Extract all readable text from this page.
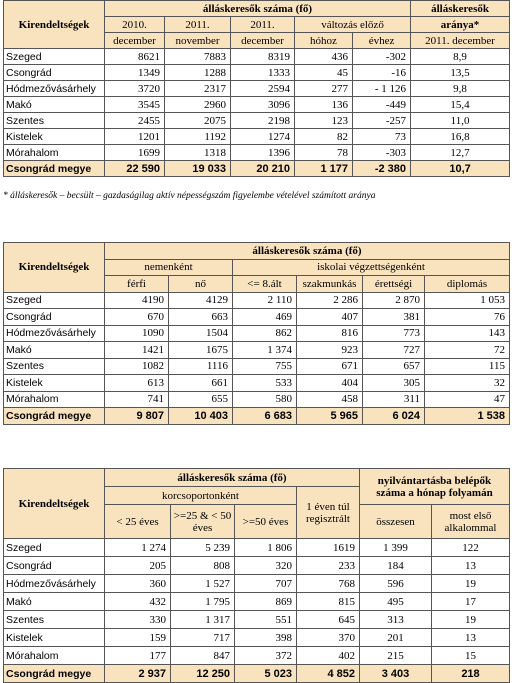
Kirendeltségek	álláskeresők száma (fő)					álláskeresők
	2010.	2011.	2011.	változás előző		aránya*
	december	november	december	hóhoz	évhez	2011. december
Szeged	8621	7883	8319	436	-302	8,9
Csongrád	1349	1288	1333	45	-16	13,5
Hódmezővásárhely	3720	2317	2594	277	- 1 126	9,8
Makó	3545	2960	3096	136	-449	15,4
Szentes	2455	2075	2198	123	-257	11,0
Kistelek	1201	1192	1274	82	73	16,8
Mórahalom	1699	1318	1396	78	-303	12,7
Csongrád megye	22 590	19 033	20 210	1 177	-2 380	10,7
* álláskeresők – becsült – gazdaságilag aktív népességszám figyelembe vételével számított aránya
Kirendeltségek	álláskeresők száma (fő)					
	nemenként		iskolai végzettségenként			
	férfi	nő	<= 8.ált	szakmunkás	érettségi	diplomás
Szeged	4190	4129	2 110	2 286	2 870	1 053
Csongrád	670	663	469	407	381	76
Hódmezővásárhely	1090	1504	862	816	773	143
Makó	1421	1675	1 374	923	727	72
Szentes	1082	1116	755	671	657	115
Kistelek	613	661	533	404	305	32
Mórahalom	741	655	580	458	311	47
Csongrád megye	9 807	10 403	6 683	5 965	6 024	1 538
Kirendeltségek	álláskeresők száma (fő)				nyilvántartásba belépők száma a hónap folyamán	
	korcsoportonként			1 éven túl regisztrált		
	< 25 éves	>=25 & < 50 éves	>=50 éves		összesen	most első alkalommal
Szeged	1 274	5 239	1 806	1619	1 399	122
Csongrád	205	808	320	233	184	13
Hódmezővásárhely	360	1 527	707	768	596	19
Makó	432	1 795	869	815	495	17
Szentes	330	1 317	551	645	313	19
Kistelek	159	717	398	370	201	13
Mórahalom	177	847	372	402	215	15
Csongrád megye	2 937	12 250	5 023	4 852	3 403	218
